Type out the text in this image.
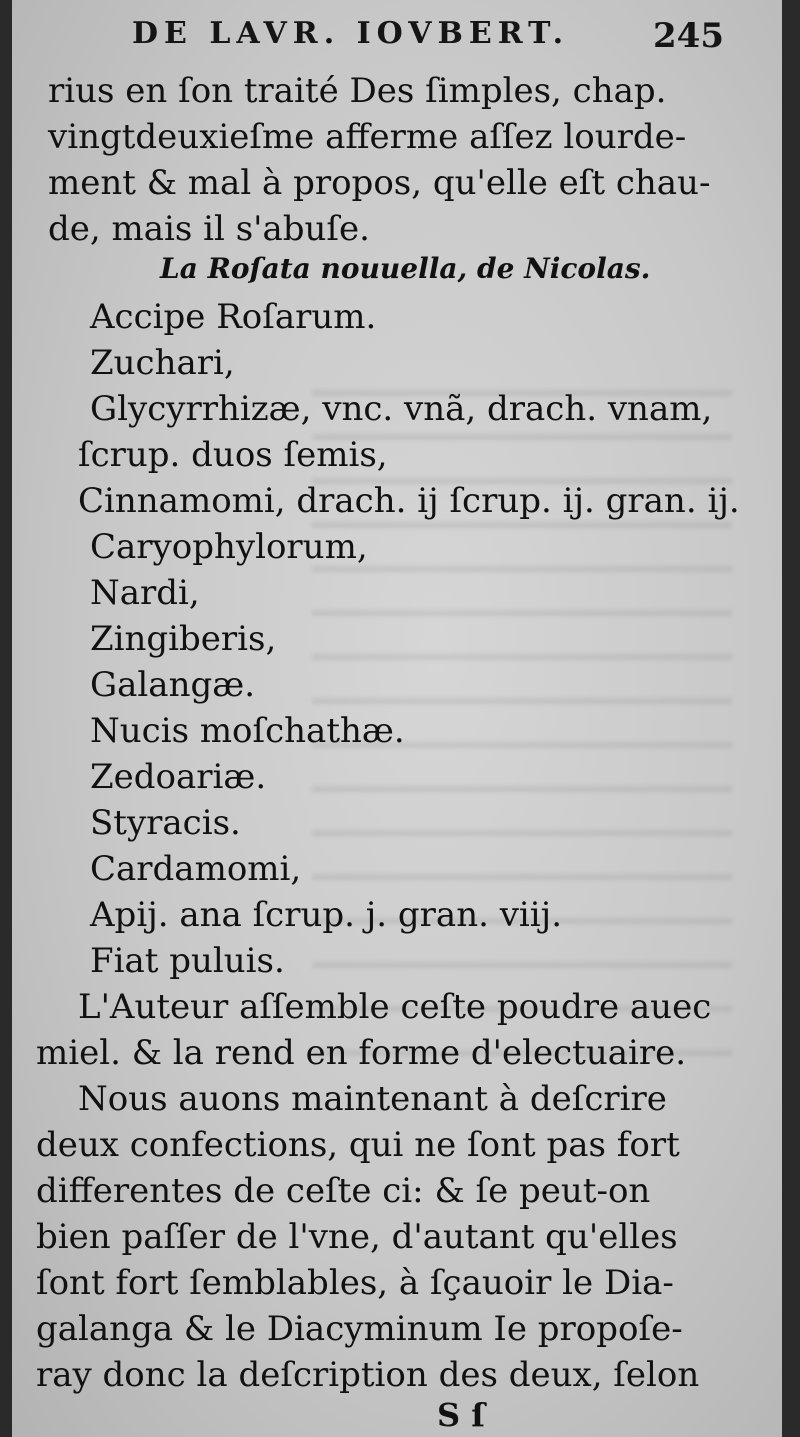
DE LAVR. IOVBERT. 245
rius en ſon traité Des ſimples, chap.
vingtdeuxieſme afferme aſſez lourde-
ment & mal à propos, qu'elle eſt chau-
de, mais il s'abuſe.
La Roſata nouuella, de Nicolas.
Accipe Roſarum.
Zuchari,
Glycyrrhizæ, vnc. vnã, drach. vnam,
ſcrup. duos ſemis,
Cinnamomi, drach. ij ſcrup. ij. gran. ij.
Caryophylorum,
Nardi,
Zingiberis,
Galangæ.
Nucis moſchathæ.
Zedoariæ.
Styracis.
Cardamomi,
Apij. ana ſcrup. j. gran. viij.
Fiat puluis.
L'Auteur aſſemble ceſte poudre auec
miel. & la rend en forme d'electuaire.
Nous auons maintenant à deſcrire
deux confections, qui ne ſont pas fort
differentes de ceſte ci: & ſe peut-on
bien paſſer de l'vne, d'autant qu'elles
ſont fort ſemblables, à ſçauoir le Dia-
galanga & le Diacyminum Ie propoſe-
ray donc la deſcription des deux, ſelon
S ſ
